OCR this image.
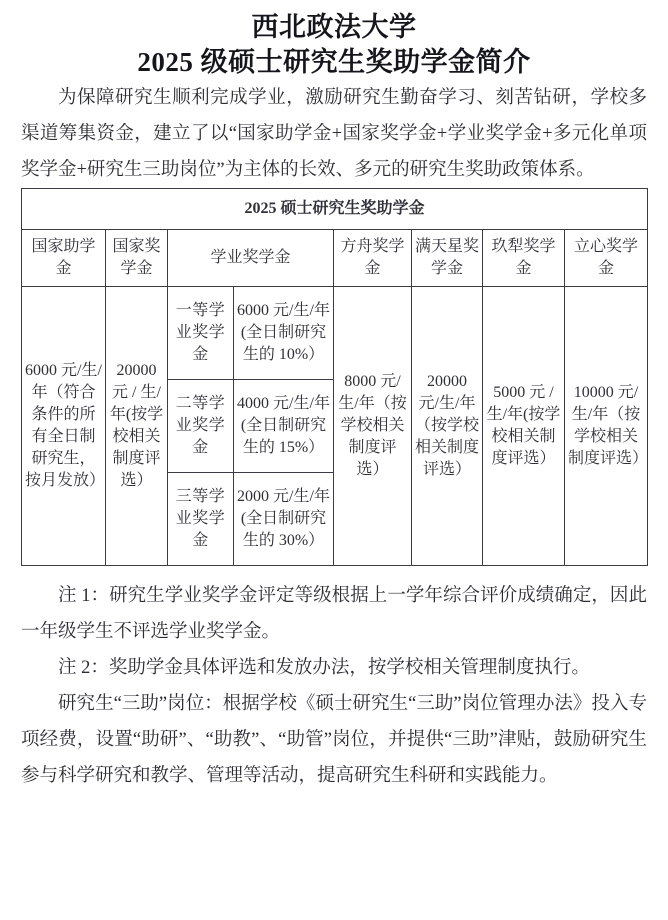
西北政法大学
2025 级硕士研究生奖助学金简介

为保障研究生顺利完成学业，激励研究生勤奋学习、刻苦钻研，学校多渠道筹集资金，建立了以“国家助学金+国家奖学金+学业奖学金+多元化单项奖学金+研究生三助岗位”为主体的长效、多元的研究生奖助政策体系。

2025 硕士研究生奖助学金							
国家助学金	国家奖学金	学业奖学金		方舟奖学金	满天星奖学金	玖犁奖学金	立心奖学金
6000 元/生/年（符合条件的所有全日制研究生，按月发放）	20000 元 / 生/年(按学校相关制度评选）	一等学业奖学金	6000 元/生/年(全日制研究生的 10%）	8000 元/生/年（按学校相关制度评选）	20000 元/生/年 （按学校相关制度评选）	5000 元 /生/年(按学校相关制度评选）	10000 元/生/年（按学校相关制度评选）
		二等学业奖学金	4000 元/生/年(全日制研究生的 15%）				
		三等学业奖学金	2000 元/生/年(全日制研究生的 30%）				

注 1：研究生学业奖学金评定等级根据上一学年综合评价成绩确定，因此一年级学生不评选学业奖学金。

注 2：奖助学金具体评选和发放办法，按学校相关管理制度执行。

研究生“三助”岗位：根据学校《硕士研究生“三助”岗位管理办法》投入专项经费，设置“助研”、“助教”、“助管”岗位，并提供“三助”津贴，鼓励研究生参与科学研究和教学、管理等活动，提高研究生科研和实践能力。
